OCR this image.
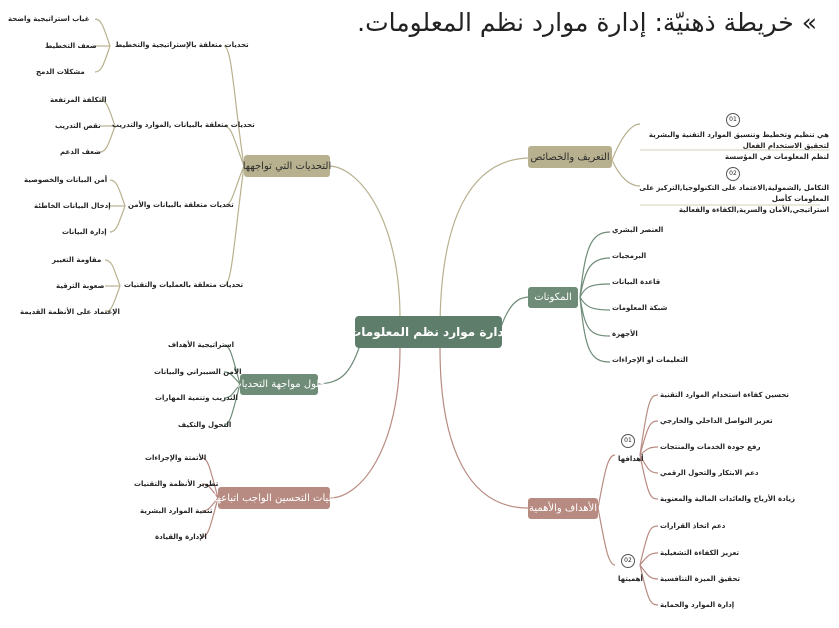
» خريطة ذهنيّة: إدارة موارد نظم المعلومات.
إدارة موارد نظم المعلومات
التعريف والخصائص
01
هي تنظيم وتخطيط وتنسيق الموارد التقنية والبشرية لتحقيق الاستخدام الفعال
لنظم المعلومات في المؤسسة
02
التكامل ,الشمولية,الاعتماد على التكنولوجيا,التركيز على المعلومات كأصل
استراتيجي,الأمان والسرية,الكفاءة والفعالية
المكونات
العنصر البشري
البرمجيات
قاعدة البيانات
شبكة المعلومات
الأجهزة
التعليمات او الإجراءات
الأهداف والأهمية
01
أهدافها
تحسين كفاءة استخدام الموارد التقنية
تعزيز التواصل الداخلي والخارجي
رفع جودة الخدمات والمنتجات
دعم الابتكار والتحول الرقمي
زيادة الأرباح والعائدات المالية والمعنوية
02
أهميتها
دعم اتخاذ القرارات
تعزيز الكفاءة التشغيلية
تحقيق الميزة التنافسية
إدارة الموارد والحماية
التحديات التي تواجهها
تحديات متعلقة بالإستراتيجية والتخطيط
غياب استراتيجية واضحة
ضعف التخطيط
مشكلات الدمج
تحديات متعلقة بالبيانات ,الموارد والتدريب
التكلفة المرتفعة
نقص التدريب
ضعف الدعم
تحديات متعلقة بالبيانات والأمن
أمن البيانات والخصوصية
إدخال البيانات الخاطئة
إدارة البيانات
تحديات متعلقة بالعمليات والتقنيات
مقاومة التغيير
صعوبة الترقية
الإعتماد على الأنظمة القديمة
حلول مواجهة التحديات
استراتيجية الأهداف
الأمن السيبراني والبيانات
التدريب وتنمية المهارات
التحول والتكيف
آليات التحسين الواجب اتباعها
الأتمتة والإجراءات
تطوير الأنظمة والتقنيات
تنمية الموارد البشرية
الإدارة والقيادة
